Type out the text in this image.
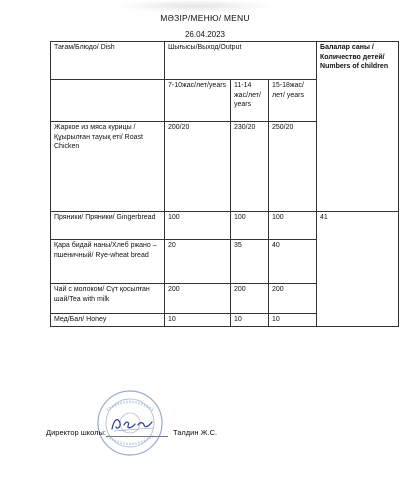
МӘЗІР/МЕНЮ/ MENU
26.04.2023
Тағам/Блюдо/ Dish	Шығысы/Выход/Output			Балалар саны /Количество детей/ Numbers of children
	7-10жас/лет/years	11-14 жас/лет/ years	15-18жас/лет/ years	
Жаркое из мяса курицы / Құырылған тауық еті/ Roast Chicken	200/20	230/20	250/20	
Пряники/ Пряники/ Gingerbread	100	100	100	41
Қара бидай наны/Хлеб ржано – пшеничный/ Rye-wheat bread	20	35	40	
Чай с молоком/ Сүт қосылған шай/Tea with milk	200	200	200	
Мед/Бал/ Honey	10	10	10	
Директор школы:	Талдин Ж.С.
